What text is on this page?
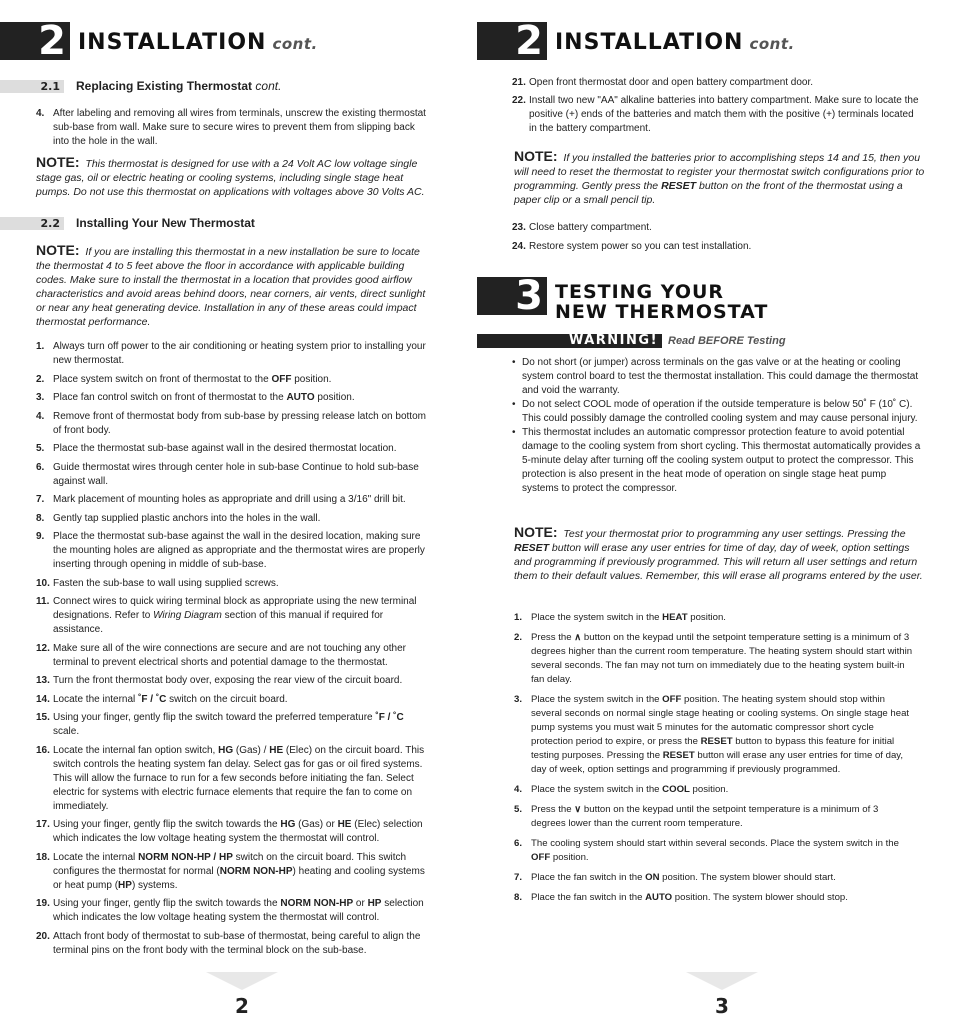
2 INSTALLATION cont.
2.1 Replacing Existing Thermostat cont.
4. After labeling and removing all wires from terminals, unscrew the existing thermostat sub-base from wall. Make sure to secure wires to prevent them from slipping back into the hole in the wall.
NOTE: This thermostat is designed for use with a 24 Volt AC low voltage single stage gas, oil or electric heating or cooling systems, including single stage heat pumps. Do not use this thermostat on applications with voltages above 30 Volts AC.
2.2 Installing Your New Thermostat
NOTE: If you are installing this thermostat in a new installation be sure to locate the thermostat 4 to 5 feet above the floor in accordance with applicable building codes. Make sure to install the thermostat in a location that provides good airflow characteristics and avoid areas behind doors, near corners, air vents, direct sunlight or near any heat generating device. Installation in any of these areas could impact thermostat performance.
1. Always turn off power to the air conditioning or heating system prior to installing your new thermostat.
2. Place system switch on front of thermostat to the OFF position.
3. Place fan control switch on front of thermostat to the AUTO position.
4. Remove front of thermostat body from sub-base by pressing release latch on bottom of front body.
5. Place the thermostat sub-base against wall in the desired thermostat location.
6. Guide thermostat wires through center hole in sub-base Continue to hold sub-base against wall.
7. Mark placement of mounting holes as appropriate and drill using a 3/16" drill bit.
8. Gently tap supplied plastic anchors into the holes in the wall.
9. Place the thermostat sub-base against the wall in the desired location, making sure the mounting holes are aligned as appropriate and the thermostat wires are properly inserting through opening in middle of sub-base.
10. Fasten the sub-base to wall using supplied screws.
11. Connect wires to quick wiring terminal block as appropriate using the new terminal designations. Refer to Wiring Diagram section of this manual if required for assistance.
12. Make sure all of the wire connections are secure and are not touching any other terminal to prevent electrical shorts and potential damage to the thermostat.
13. Turn the front thermostat body over, exposing the rear view of the circuit board.
14. Locate the internal ˚F / ˚C switch on the circuit board.
15. Using your finger, gently flip the switch toward the preferred temperature ˚F / ˚C scale.
16. Locate the internal fan option switch, HG (Gas) / HE (Elec) on the circuit board. This switch controls the heating system fan delay. Select gas for gas or oil fired systems. This will allow the furnace to run for a few seconds before initiating the fan. Select electric for systems with electric furnace elements that require the fan to come on immediately.
17. Using your finger, gently flip the switch towards the HG (Gas) or HE (Elec) selection which indicates the low voltage heating system the thermostat will control.
18. Locate the internal NORM NON-HP / HP switch on the circuit board. This switch configures the thermostat for normal (NORM NON-HP) heating and cooling systems or heat pump (HP) systems.
19. Using your finger, gently flip the switch towards the NORM NON-HP or HP selection which indicates the low voltage heating system the thermostat will control.
20. Attach front body of thermostat to sub-base of thermostat, being careful to align the terminal pins on the front body with the terminal block on the sub-base.
2
2 INSTALLATION cont.
21. Open front thermostat door and open battery compartment door.
22. Install two new "AA" alkaline batteries into battery compartment. Make sure to locate the positive (+) ends of the batteries and match them with the positive (+) terminals located in the battery compartment.
NOTE: If you installed the batteries prior to accomplishing steps 14 and 15, then you will need to reset the thermostat to register your thermostat switch configurations prior to programming. Gently press the RESET button on the front of the thermostat using a paper clip or a small pencil tip.
23. Close battery compartment.
24. Restore system power so you can test installation.
3 TESTING YOUR
NEW THERMOSTAT
WARNING! Read BEFORE Testing
• Do not short (or jumper) across terminals on the gas valve or at the heating or cooling system control board to test the thermostat installation. This could damage the thermostat and void the warranty.
• Do not select COOL mode of operation if the outside temperature is below 50˚ F (10˚ C). This could possibly damage the controlled cooling system and may cause personal injury.
• This thermostat includes an automatic compressor protection feature to avoid potential damage to the cooling system from short cycling. This thermostat automatically provides a 5-minute delay after turning off the cooling system output to protect the compressor. This protection is also present in the heat mode of operation on single stage heat pump systems to protect the compressor.
NOTE: Test your thermostat prior to programming any user settings. Pressing the RESET button will erase any user entries for time of day, day of week, option settings and programming if previously programmed. This will return all user settings and return them to their default values. Remember, this will erase all programs entered by the user.
1. Place the system switch in the HEAT position.
2. Press the ∧ button on the keypad until the setpoint temperature setting is a minimum of 3 degrees higher than the current room temperature. The heating system should start within several seconds. The fan may not turn on immediately due to the heating system built-in fan delay.
3. Place the system switch in the OFF position. The heating system should stop within several seconds on normal single stage heating or cooling systems. On single stage heat pump systems you must wait 5 minutes for the automatic compressor short cycle protection period to expire, or press the RESET button to bypass this feature for initial testing purposes. Pressing the RESET button will erase any user entries for time of day, day of week, option settings and programming if previously programmed.
4. Place the system switch in the COOL position.
5. Press the ∨ button on the keypad until the setpoint temperature is a minimum of 3 degrees lower than the current room temperature.
6. The cooling system should start within several seconds. Place the system switch in the OFF position.
7. Place the fan switch in the ON position. The system blower should start.
8. Place the fan switch in the AUTO position. The system blower should stop.
3
